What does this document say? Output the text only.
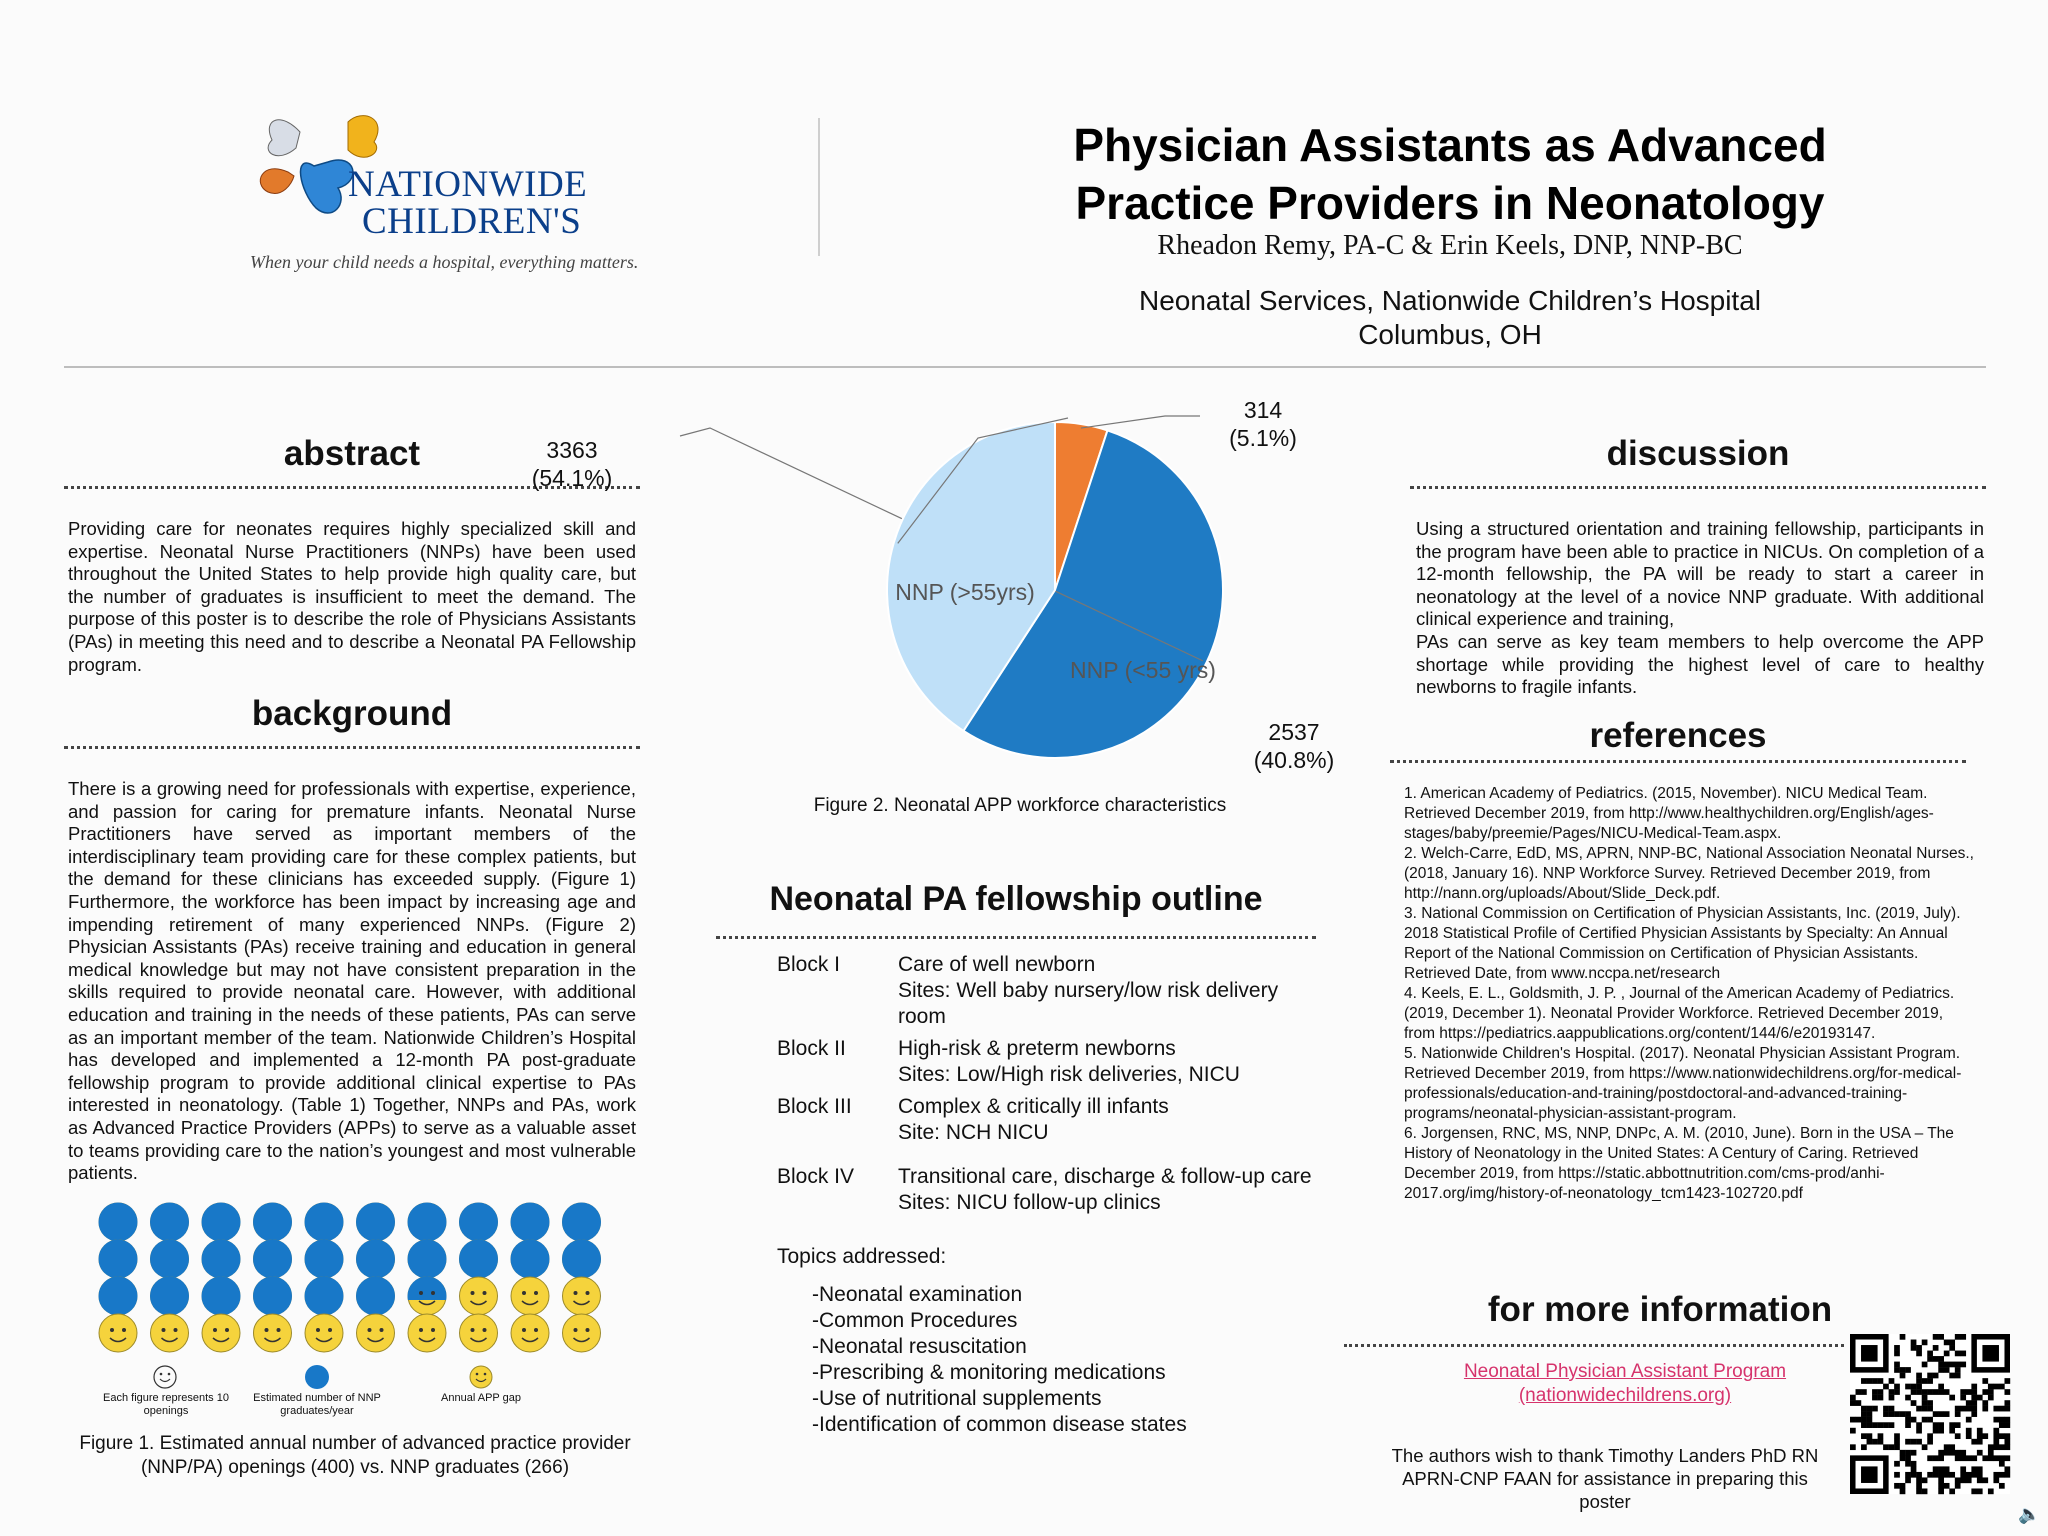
NATIONWIDE
CHILDREN'S
When your child needs a hospital, everything matters.
Physician Assistants as Advanced
Practice Providers in Neonatology
Rheadon Remy, PA-C & Erin Keels, DNP, NNP-BC
Neonatal Services, Nationwide Children’s Hospital
Columbus, OH
abstract
Providing care for neonates requires highly specialized skill and expertise. Neonatal Nurse Practitioners (NNPs) have been used throughout the United States to help provide high quality care, but the number of graduates is insufficient to meet the demand. The purpose of this poster is to describe the role of Physicians Assistants (PAs) in meeting this need and to describe a Neonatal PA Fellowship program.
background
There is a growing need for professionals with expertise, experience, and passion for caring for premature infants. Neonatal Nurse Practitioners have served as important members of the interdisciplinary team providing care for these complex patients, but the demand for these clinicians has exceeded supply. (Figure 1) Furthermore, the workforce has been impact by increasing age and impending retirement of many experienced NNPs. (Figure 2) Physician Assistants (PAs) receive training and education in general medical knowledge but may not have consistent preparation in the skills required to provide neonatal care. However, with additional education and training in the needs of these patients, PAs can serve as an important member of the team. Nationwide Children’s Hospital has developed and implemented a 12-month PA post-graduate fellowship program to provide additional clinical expertise to PAs interested in neonatology. (Table 1) Together, NNPs and PAs, work as Advanced Practice Providers (APPs) to serve as a valuable asset to teams providing care to the nation’s youngest and most vulnerable patients.
Each figure represents 10 openings
Estimated number of NNP graduates/year
Annual APP gap
Figure 1. Estimated annual number of advanced practice provider (NNP/PA) openings (400) vs. NNP graduates (266)
314
(5.1%)
NNP (<55 yrs)
3363
(54.1%)
NNP (>55yrs)
2537
(40.8%)
Figure 2. Neonatal APP workforce characteristics
Neonatal PA fellowship outline
Block I	Care of well newborn
Sites: Well baby nursery/low risk delivery room
Block II	High-risk & preterm newborns
Sites: Low/High risk deliveries, NICU
Block III	Complex & critically ill infants
Site: NCH NICU
Block IV	Transitional care, discharge & follow-up care
Sites: NICU follow-up clinics
Topics addressed:
-Neonatal examination
-Common Procedures
-Neonatal resuscitation
-Prescribing & monitoring medications
-Use of nutritional supplements
-Identification of common disease states
discussion
Using a structured orientation and training fellowship, participants in the program have been able to practice in NICUs. On completion of a 12-month fellowship, the PA will be ready to start a career in neonatology at the level of a novice NNP graduate. With additional clinical experience and training,
PAs can serve as key team members to help overcome the APP shortage while providing the highest level of care to healthy newborns to fragile infants.
references

1. American Academy of Pediatrics. (2015, November). NICU Medical Team. Retrieved December 2019, from http://www.healthychildren.org/English/ages-stages/baby/preemie/Pages/NICU-Medical-Team.aspx.

2. Welch-Carre, EdD, MS, APRN, NNP-BC, National Association Neonatal Nurses., (2018, January 16). NNP Workforce Survey. Retrieved December 2019, from http://nann.org/uploads/About/Slide_Deck.pdf.

3. National Commission on Certification of Physician Assistants, Inc. (2019, July). 2018 Statistical Profile of Certified Physician Assistants by Specialty: An Annual Report of the National Commission on Certification of Physician Assistants. Retrieved Date, from www.nccpa.net/research

4. Keels, E. L., Goldsmith, J. P. , Journal of the American Academy of Pediatrics. (2019, December 1). Neonatal Provider Workforce. Retrieved December 2019, from https://pediatrics.aappublications.org/content/144/6/e20193147.

5. Nationwide Children's Hospital. (2017). Neonatal Physician Assistant Program. Retrieved December 2019, from https://www.nationwidechildrens.org/for-medical-professionals/education-and-training/postdoctoral-and-advanced-training-programs/neonatal-physician-assistant-program.

6. Jorgensen, RNC, MS, NNP, DNPc, A. M. (2010, June). Born in the USA – The History of Neonatology in the United States: A Century of Caring. Retrieved December 2019, from https://static.abbottnutrition.com/cms-prod/anhi-2017.org/img/history-of-neonatology_tcm1423-102720.pdf

for more information
Neonatal Physician Assistant Program
(nationwidechildrens.org)
The authors wish to thank Timothy Landers PhD RN APRN-CNP FAAN for assistance in preparing this poster
🔈
